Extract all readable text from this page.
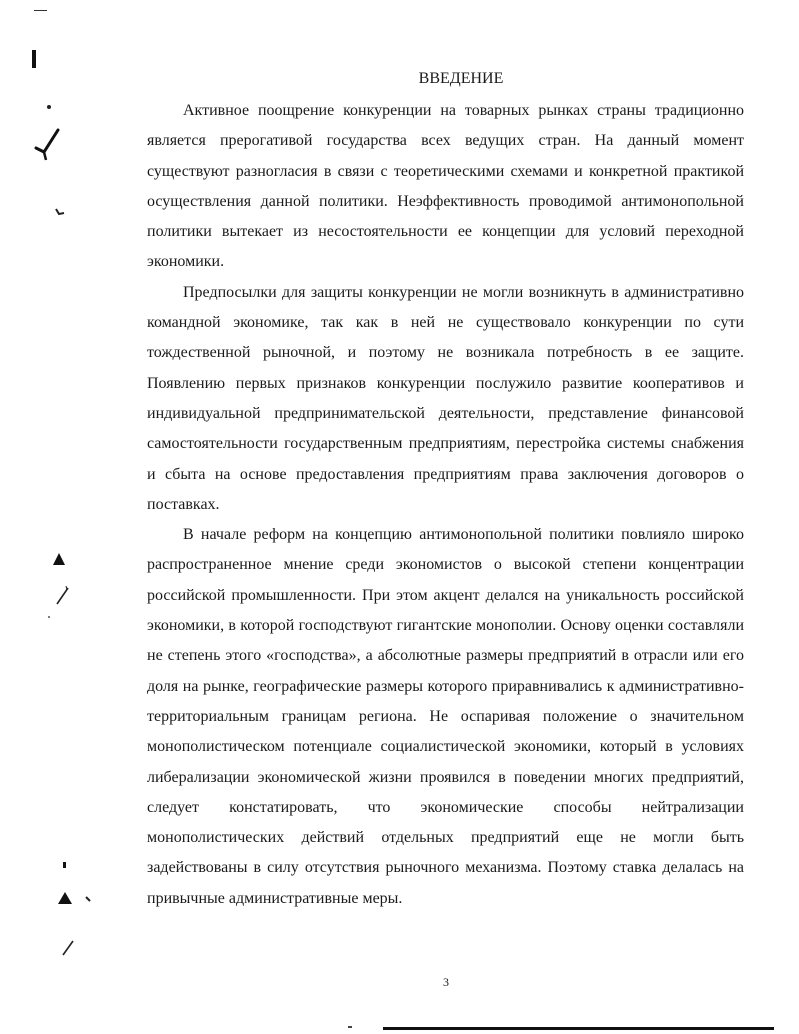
ВВЕДЕНИЕ

Активное поощрение конкуренции на товарных рынках страны традиционно является прерогативой государства всех ведущих стран. На данный момент существуют разногласия в связи с теоретическими схемами и конкретной практикой осуществления данной политики. Неэффективность проводимой антимонопольной политики вытекает из несостоятельности ее концепции для условий переходной экономики.

Предпосылки для защиты конкуренции не могли возникнуть в административно командной экономике, так как в ней не существовало конкуренции по сути тождественной рыночной, и поэтому не возникала потребность в ее защите. Появлению первых признаков конкуренции послужило развитие кооперативов и индивидуальной предпринимательской деятельности, представление финансовой самостоятельности государственным предприятиям, перестройка системы снабжения и сбыта на основе предоставления предприятиям права заключения договоров о поставках.

В начале реформ на концепцию антимонопольной политики повлияло широко распространенное мнение среди экономистов о высокой степени концентрации российской промышленности. При этом акцент делался на уникальность российской экономики, в которой господствуют гигантские монополии. Основу оценки составляли не степень этого «господства», а абсолютные размеры предприятий в отрасли или его доля на рынке, географические размеры которого приравнивались к административно-территориальным границам региона. Не оспаривая положение о значительном монополистическом потенциале социалистической экономики, который в условиях либерализации экономической жизни проявился в поведении многих предприятий, следует констатировать, что экономические способы нейтрализации монополистических действий отдельных предприятий еще не могли быть задействованы в силу отсутствия рыночного механизма. Поэтому ставка делалась на привычные административные меры.

3
